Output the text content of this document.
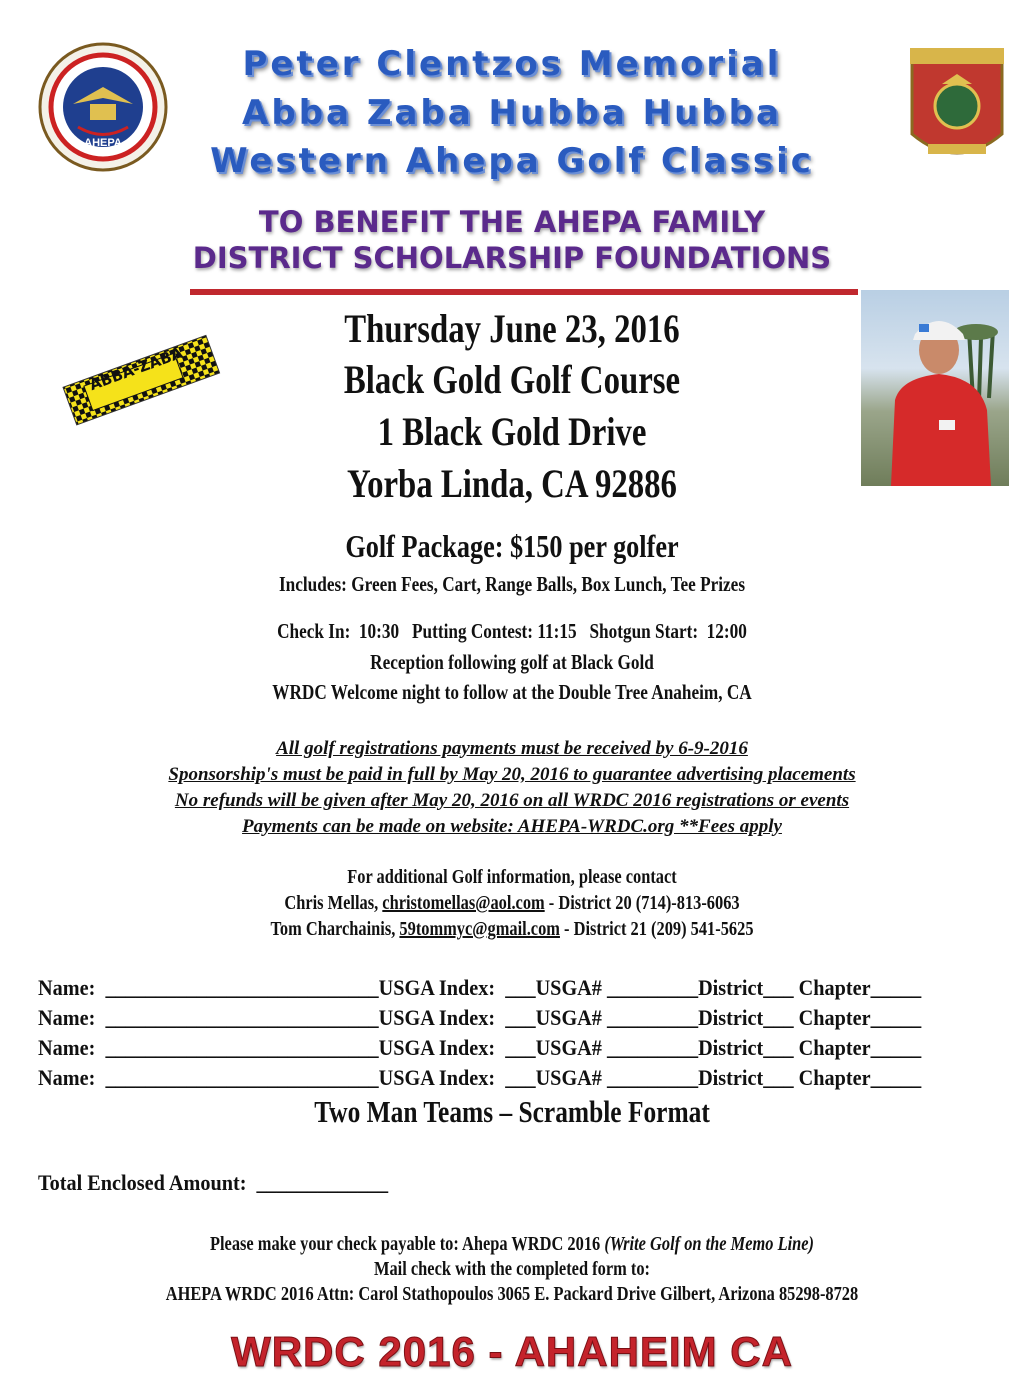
AHEPA
Peter Clentzos Memorial
Abba Zaba Hubba Hubba
Western Ahepa Golf Classic
TO BENEFIT THE AHEPA FAMILY
DISTRICT SCHOLARSHIP FOUNDATIONS
ABBA-ZABA
Thursday June 23, 2016
Black Gold Golf Course
1 Black Gold Drive
Yorba Linda, CA 92886
Golf Package: $150 per golfer
Includes: Green Fees, Cart, Range Balls, Box Lunch, Tee Prizes
Check In:  10:30   Putting Contest: 11:15   Shotgun Start:  12:00
Reception following golf at Black Gold
WRDC Welcome night to follow at the Double Tree Anaheim, CA
All golf registrations payments must be received by 6-9-2016
Sponsorship's must be paid in full by May 20, 2016 to guarantee advertising placements
No refunds will be given after May 20, 2016 on all WRDC 2016 registrations or events
Payments can be made on website: AHEPA-WRDC.org **Fees apply
For additional Golf information, please contact
Chris Mellas, christomellas@aol.com - District 20 (714)-813-6063
Tom Charchainis, 59tommyc@gmail.com - District 21 (209) 541-5625
Name:  ___________________________USGA Index:  ___USGA# _________District___ Chapter_____
Name:  ___________________________USGA Index:  ___USGA# _________District___ Chapter_____
Name:  ___________________________USGA Index:  ___USGA# _________District___ Chapter_____
Name:  ___________________________USGA Index:  ___USGA# _________District___ Chapter_____
Two Man Teams – Scramble Format
Total Enclosed Amount:  _____________
Please make your check payable to: Ahepa WRDC 2016 (Write Golf on the Memo Line)
Mail check with the completed form to:
AHEPA WRDC 2016 Attn: Carol Stathopoulos 3065 E. Packard Drive Gilbert, Arizona 85298-8728
WRDC 2016 - AHAHEIM CA
